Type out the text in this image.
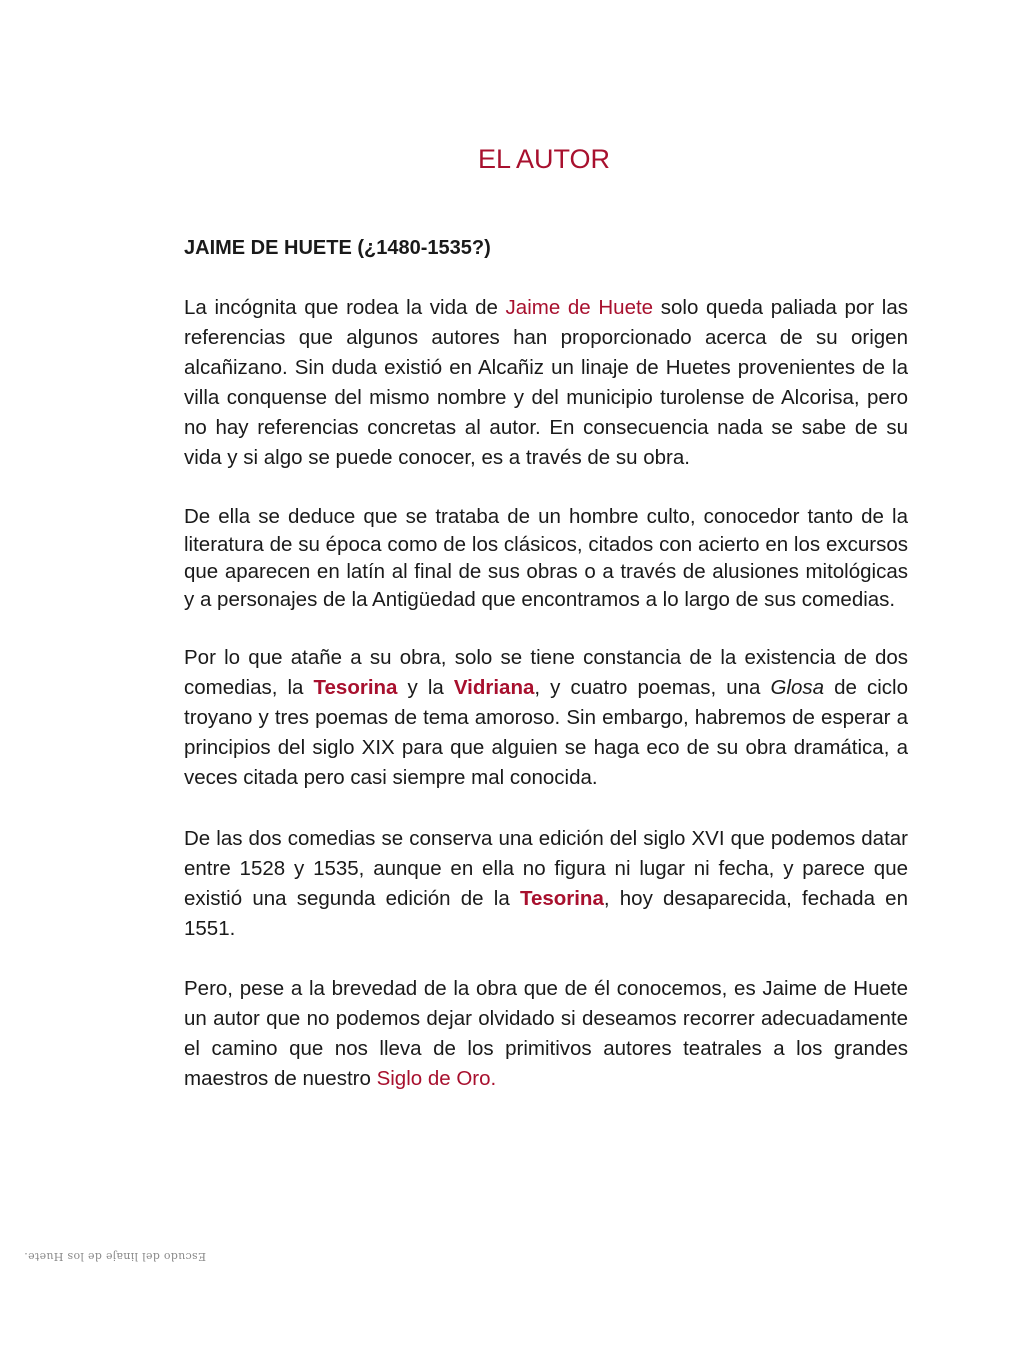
EL AUTOR

JAIME DE HUETE (¿1480-1535?)

La incógnita que rodea la vida de Jaime de Huete solo queda paliada por las referencias que algunos autores han proporcionado acerca de su origen alcañizano. Sin duda existió en Alcañiz un linaje de Huetes provenientes de la villa conquense del mismo nombre y del municipio turolense de Alcorisa, pero no hay referencias concretas al autor. En consecuencia nada se sabe de su vida y si algo se puede conocer, es a través de su obra.

De ella se deduce que se trataba de un hombre culto, conocedor tanto de la literatura de su época como de los clásicos, citados con acierto en los excursos que aparecen en latín al final de sus obras o a través de alusiones mitológicas y a personajes de la Antigüedad que encontramos a lo largo de sus comedias.

Por lo que atañe a su obra, solo se tiene constancia de la existencia de dos comedias, la Tesorina y la Vidriana, y cuatro poemas, una Glosa de ciclo troyano y tres poemas de tema amoroso. Sin embargo, habremos de esperar a principios del siglo XIX para que alguien se haga eco de su obra dramática, a veces citada pero casi siempre mal conocida.

De las dos comedias se conserva una edición del siglo XVI que podemos datar entre 1528 y 1535, aunque en ella no figura ni lugar ni fecha, y parece que existió una segunda edición de la Tesorina, hoy desaparecida, fechada en 1551.

Pero, pese a la brevedad de la obra que de él conocemos, es Jaime de Huete un autor que no podemos dejar olvidado si deseamos recorrer adecuadamente el camino que nos lleva de los primitivos autores teatrales a los grandes maestros de nuestro Siglo de Oro.

Escudo del linaje de los Huete.
